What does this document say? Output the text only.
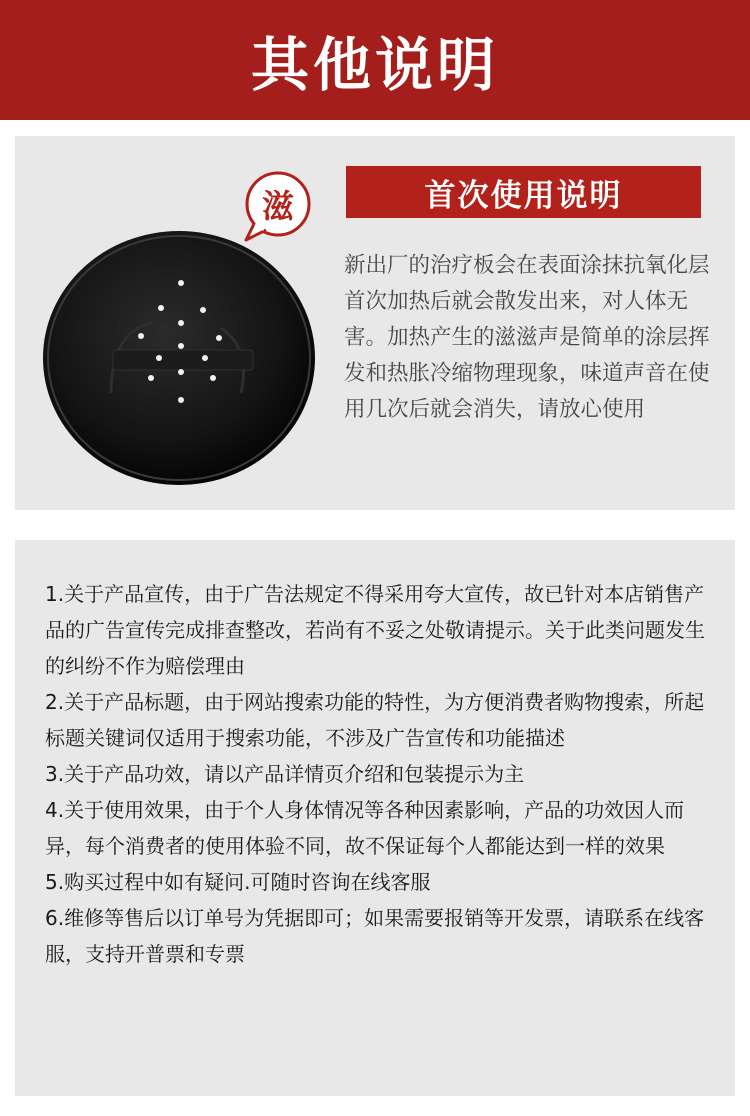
其他说明
滋	首次使用说明
新出厂的治疗板会在表面涂抹抗氧化层首次加热后就会散发出来，对人体无害。加热产生的滋滋声是简单的涂层挥发和热胀冷缩物理现象，味道声音在使用几次后就会消失，请放心使用

1.关于产品宣传，由于广告法规定不得采用夸大宣传，故已针对本店销售产品的广告宣传完成排查整改，若尚有不妥之处敬请提示。关于此类问题发生的纠纷不作为赔偿理由

2.关于产品标题，由于网站搜索功能的特性，为方便消费者购物搜索，所起标题关键词仅适用于搜索功能，不涉及广告宣传和功能描述

3.关于产品功效，请以产品详情页介绍和包装提示为主

4.关于使用效果，由于个人身体情况等各种因素影响，产品的功效因人而异，每个消费者的使用体验不同，故不保证每个人都能达到一样的效果

5.购买过程中如有疑问.可随时咨询在线客服

6.维修等售后以订单号为凭据即可；如果需要报销等开发票，请联系在线客服，支持开普票和专票
